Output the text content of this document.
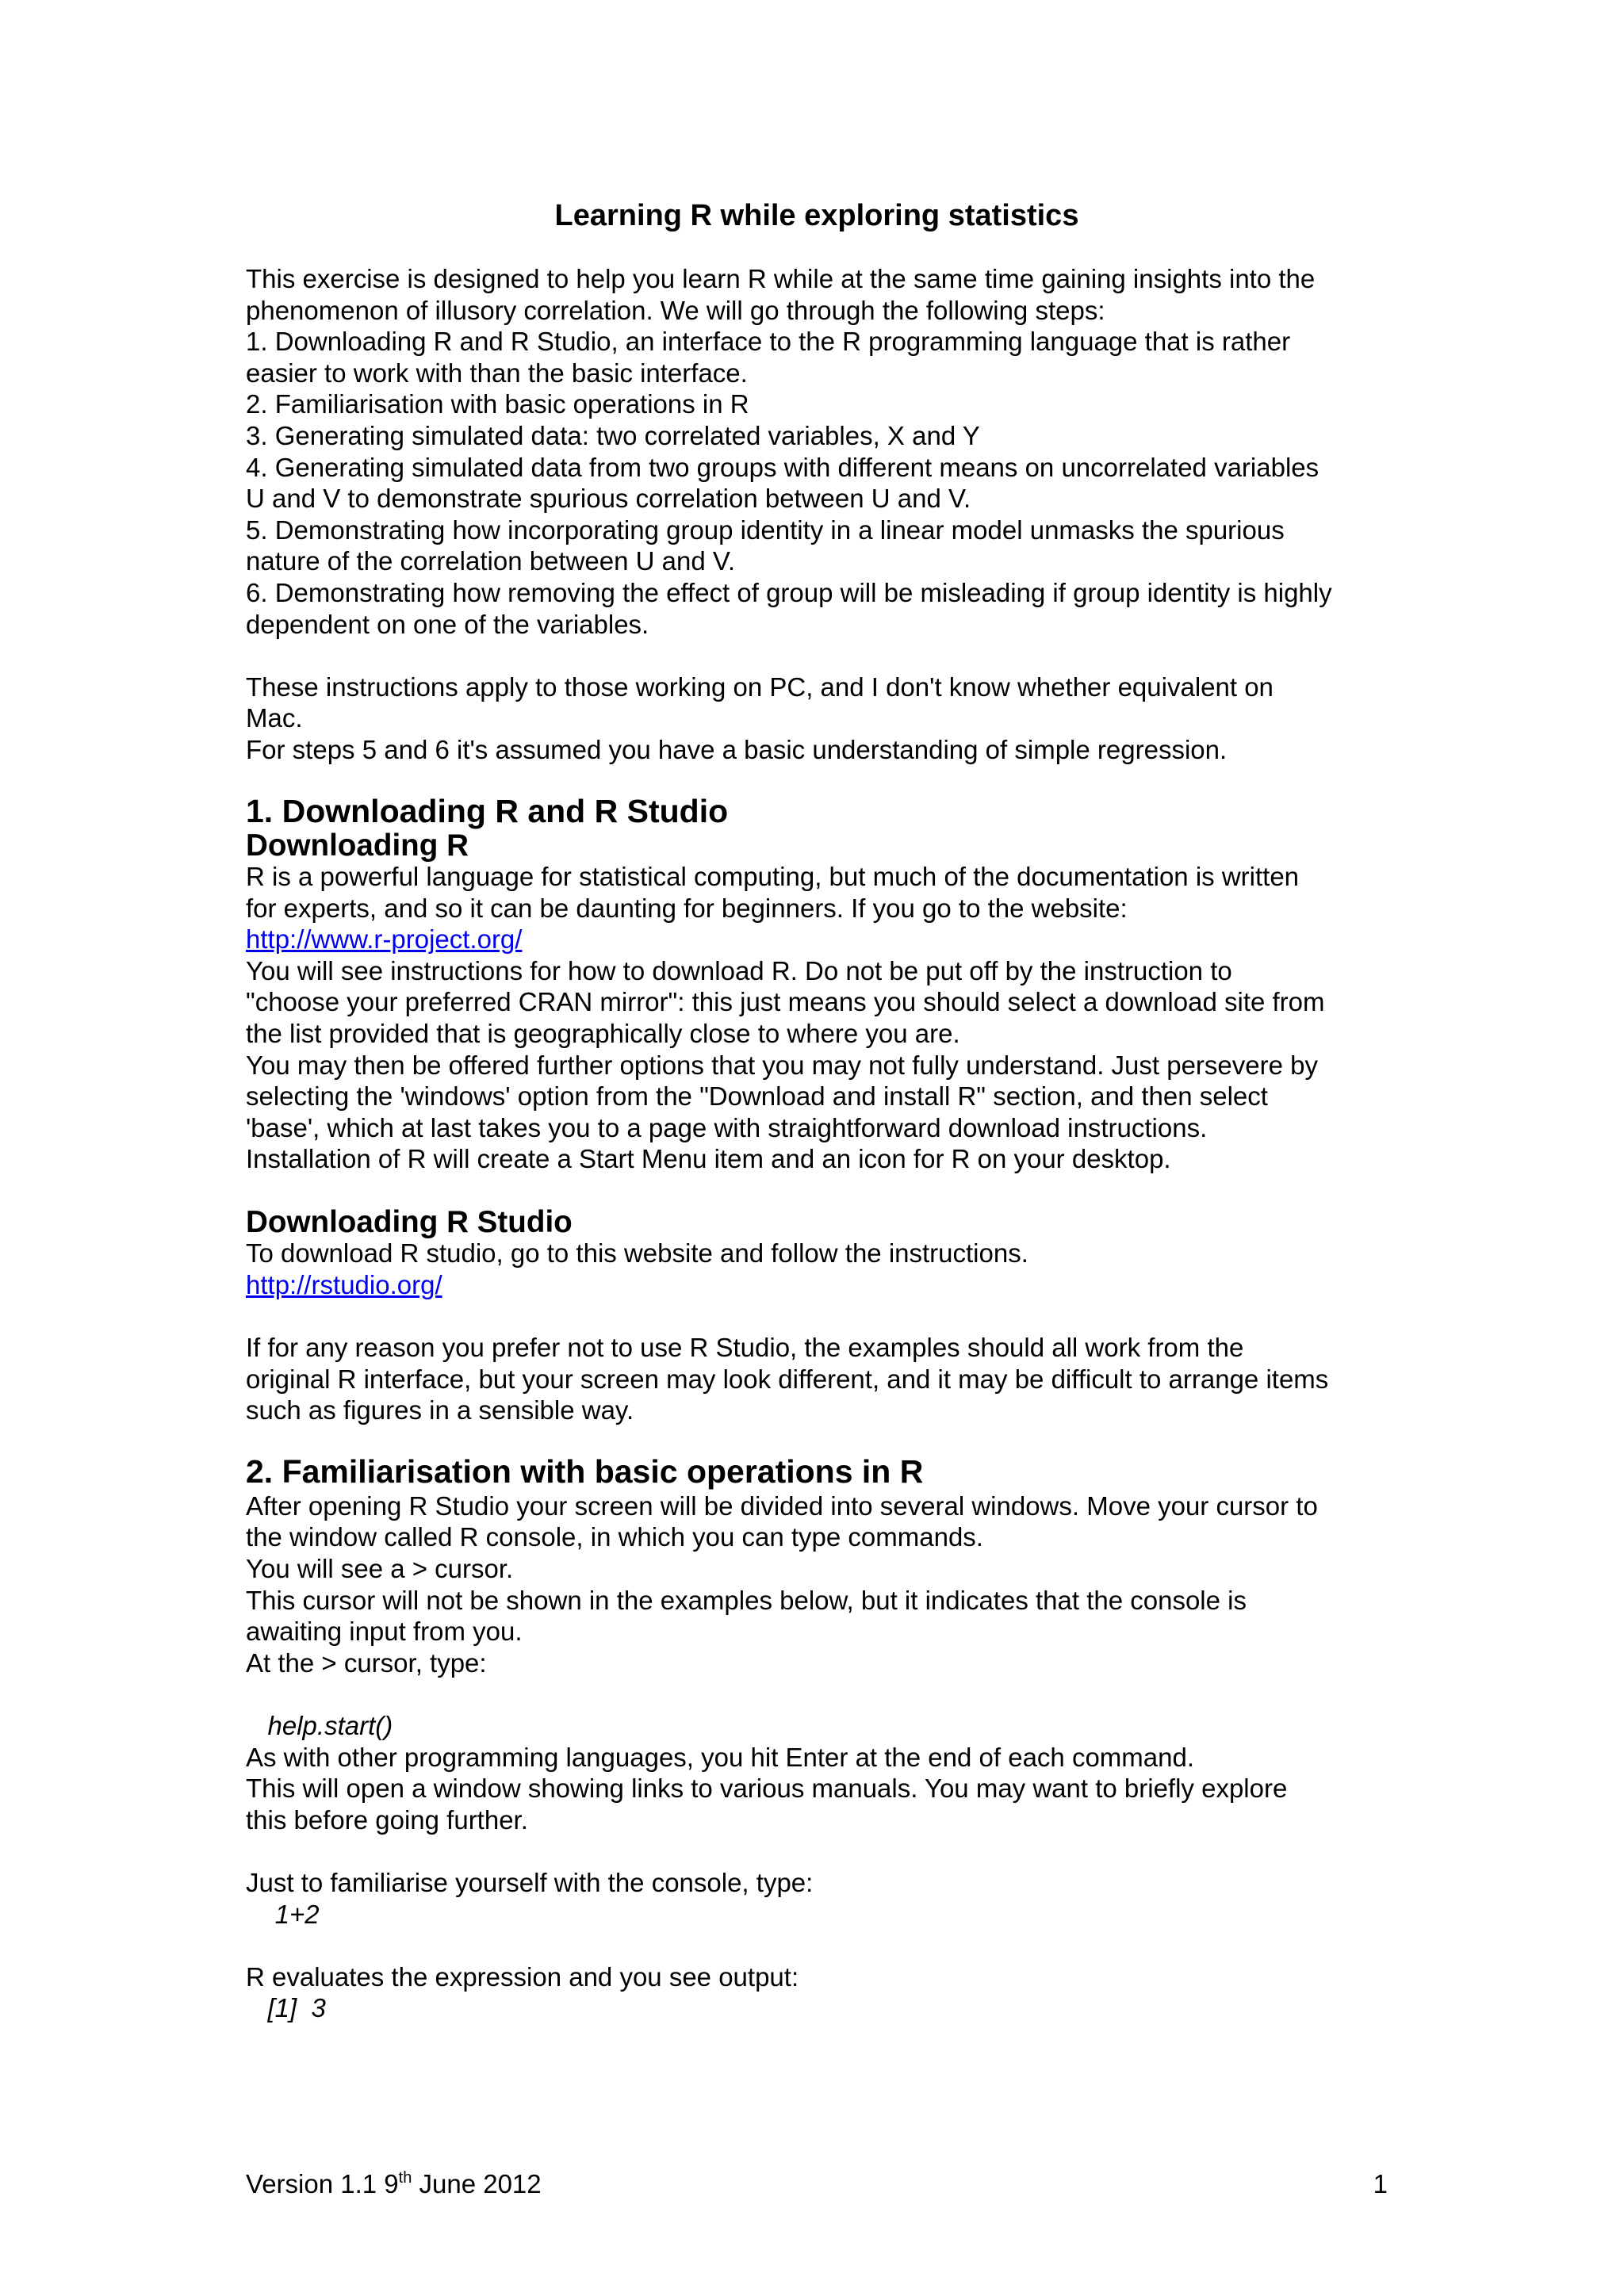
Learning R while exploring statistics
This exercise is designed to help you learn R while at the same time gaining insights into the
phenomenon of illusory correlation. We will go through the following steps:
1. Downloading R and R Studio, an interface to the R programming language that is rather
easier to work with than the basic interface.
2. Familiarisation with basic operations in R
3. Generating simulated data: two correlated variables, X and Y
4. Generating simulated data from two groups with different means on uncorrelated variables
U and V to demonstrate spurious correlation between U and V.
5. Demonstrating how incorporating group identity in a linear model unmasks the spurious
nature of the correlation between U and V.
6. Demonstrating how removing the effect of group will be misleading if group identity is highly
dependent on one of the variables.
These instructions apply to those working on PC, and I don't know whether equivalent on
Mac.
For steps 5 and 6 it's assumed you have a basic understanding of simple regression.
1. Downloading R and R Studio
Downloading R
R is a powerful language for statistical computing, but much of the documentation is written
for experts, and so it can be daunting for beginners. If you go to the website:
http://www.r-project.org/
You will see instructions for how to download R. Do not be put off by the instruction to
"choose your preferred CRAN mirror": this just means you should select a download site from
the list provided that is geographically close to where you are.
You may then be offered further options that you may not fully understand. Just persevere by
selecting the 'windows' option from the "Download and install R" section, and then select
'base', which at last takes you to a page with straightforward download instructions.
Installation of R will create a Start Menu item and an icon for R on your desktop.
Downloading R Studio
To download R studio, go to this website and follow the instructions.
http://rstudio.org/
If for any reason you prefer not to use R Studio, the examples should all work from the
original R interface, but your screen may look different, and it may be difficult to arrange items
such as figures in a sensible way.
2. Familiarisation with basic operations in R
After opening R Studio your screen will be divided into several windows. Move your cursor to
the window called R console, in which you can type commands.
You will see a > cursor.
This cursor will not be shown in the examples below, but it indicates that the console is
awaiting input from you.
At the > cursor, type:
help.start()
As with other programming languages, you hit Enter at the end of each command.
This will open a window showing links to various manuals. You may want to briefly explore
this before going further.
Just to familiarise yourself with the console, type:
1+2
R evaluates the expression and you see output:
[1]  3
Version 1.1 9th June 2012	1
